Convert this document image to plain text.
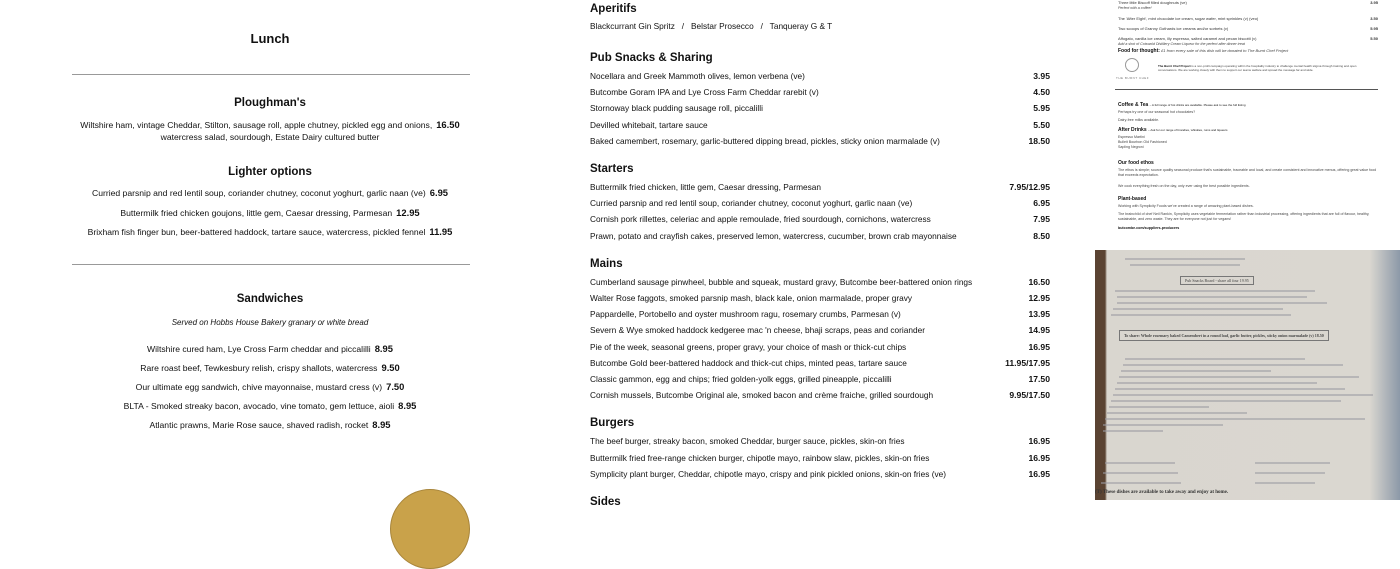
Lunch
Ploughman's
Wiltshire ham, vintage Cheddar, Stilton, sausage roll, apple chutney, pickled egg and onions, 16.50
watercress salad, sourdough, Estate Dairy cultured butter
Lighter options
Curried parsnip and red lentil soup, coriander chutney, coconut yoghurt, garlic naan (ve) 6.95
Buttermilk fried chicken goujons, little gem, Caesar dressing, Parmesan 12.95
Brixham fish finger bun, beer-battered haddock, tartare sauce, watercress, pickled fennel 11.95
Sandwiches
Served on Hobbs House Bakery granary or white bread
Wiltshire cured ham, Lye Cross Farm cheddar and piccalilli 8.95
Rare roast beef, Tewkesbury relish, crispy shallots, watercress 9.50
Our ultimate egg sandwich, chive mayonnaise, mustard cress (v) 7.50
BLTA - Smoked streaky bacon, avocado, vine tomato, gem lettuce, aioli 8.95
Atlantic prawns, Marie Rose sauce, shaved radish, rocket 8.95
Aperitifs
Blackcurrant Gin Spritz   /   Belstar Prosecco   /   Tanqueray G & T
Pub Snacks & Sharing
Nocellara and Greek Mammoth olives, lemon verbena (ve)	3.95
Butcombe Goram IPA and Lye Cross Farm Cheddar rarebit (v)	4.50
Stornoway black pudding sausage roll, piccalilli	5.95
Devilled whitebait, tartare sauce	5.50
Baked camembert, rosemary, garlic-buttered dipping bread, pickles, sticky onion marmalade (v)	18.50
Starters
Buttermilk fried chicken, little gem, Caesar dressing, Parmesan	7.95/12.95
Curried parsnip and red lentil soup, coriander chutney, coconut yoghurt, garlic naan (ve)	6.95
Cornish pork rillettes, celeriac and apple remoulade, fried sourdough, cornichons, watercress	7.95
Prawn, potato and crayfish cakes, preserved lemon, watercress, cucumber, brown crab mayonnaise	8.50
Mains
Cumberland sausage pinwheel, bubble and squeak, mustard gravy, Butcombe beer-battered onion rings	16.50
Walter Rose faggots, smoked parsnip mash, black kale, onion marmalade, proper gravy	12.95
Pappardelle, Portobello and oyster mushroom ragu, rosemary crumbs, Parmesan (v)	13.95
Severn & Wye smoked haddock kedgeree mac 'n cheese, bhaji scraps, peas and coriander	14.95
Pie of the week, seasonal greens, proper gravy, your choice of mash or thick-cut chips	16.95
Butcombe Gold beer-battered haddock and thick-cut chips, minted peas, tartare sauce	11.95/17.95
Classic gammon, egg and chips; fried golden-yolk eggs, grilled pineapple, piccalilli	17.50
Cornish mussels, Butcombe Original ale, smoked bacon and crème fraiche, grilled sourdough	9.95/17.50
Burgers
The beef burger, streaky bacon, smoked Cheddar, burger sauce, pickles, skin-on fries	16.95
Buttermilk fried free-range chicken burger, chipotle mayo, rainbow slaw, pickles, skin-on fries	16.95
Symplicity plant burger, Cheddar, chipotle mayo, crispy and pink pickled onions, skin-on fries (ve)	16.95
Sides
Three little Biscoff filled doughnuts (ve)	3.95
Perfect with a coffee!
The 'After Eight', mint chocolate ice cream, sugar wafer, mint sprinkles (v) (veo)	3.50
Two scoops of Granny Gothards ice creams and/or sorbets (v)	5.95
Affogato, vanilla ice cream, illy espresso, salted caramel and pecan biscotti (v)	5.50
Add a shot of Cotswold Distillery Cream Liqueur for the perfect after dinner treat
Food for thought: £1 from every sale of this dish will be donated to The Burnt Chef Project
THE BURNT CHEF
The Burnt Chef Project is a non-profit campaign operating within the hospitality industry to challenge mental health stigma through training and open conversations. We are working closely with them to support our teams welfare and spread the message far and wide.
Coffee & Tea – A full range of hot drinks are available. Please ask to see the full listing
Perhaps try one of our seasonal hot chocolates?
Dairy-free milks available.
After Drinks – Ask for our range of brandies, whiskies, rums and liqueurs
Espresso Martini
Bulleit Bourbon Old Fashioned
Sapling Negroni
Our food ethos
The ethos is simple; source quality seasonal produce that's sustainable, traceable and local, and create consistent and innovative menus, offering great value food that exceeds expectation.
We cook everything fresh on the day, only ever using the best possible ingredients.
Plant-based
Working with Symplicity Foods we've created a range of amazing plant-based dishes.
The brainchild of chef Neil Rankin, Symplicity uses vegetable fermentation rather than industrial processing, offering ingredients that are full of flavour, healthy, sustainable, and zero waste. They are for everyone not just for vegans!
butcombe.com/suppliers-producers
Pub Snacks Board - share all four 19.95
To share: Whole rosemary baked Camembert in a round loaf, garlic butter, pickles, sticky onion marmalade (v) 18.50
(T) These dishes are available to take away and enjoy at home.
